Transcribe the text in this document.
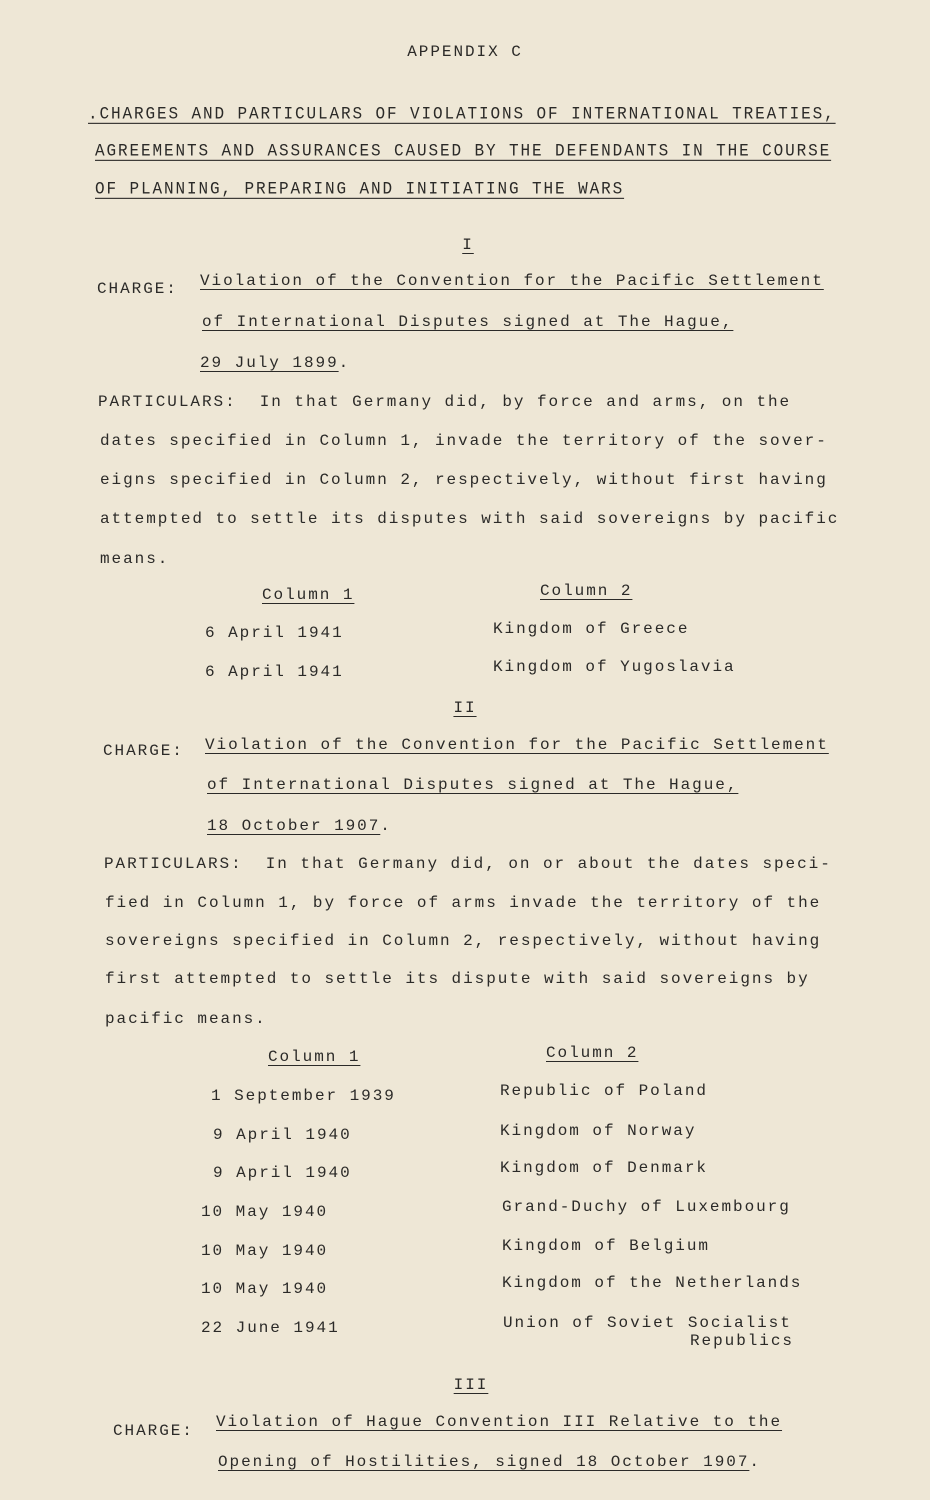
APPENDIX C
.CHARGES AND PARTICULARS OF VIOLATIONS OF INTERNATIONAL TREATIES,
AGREEMENTS AND ASSURANCES CAUSED BY THE DEFENDANTS IN THE COURSE
OF PLANNING, PREPARING AND INITIATING THE WARS
I
CHARGE: Violation of the Convention for the Pacific Settlement
of International Disputes signed at The Hague,
29 July 1899.
PARTICULARS: In that Germany did, by force and arms, on the
dates specified in Column 1, invade the territory of the sover-
eigns specified in Column 2, respectively, without first having
attempted to settle its disputes with said sovereigns by pacific
means.
Column 1	Column 2
6 April 1941	Kingdom of Greece
6 April 1941	Kingdom of Yugoslavia
II
CHARGE: Violation of the Convention for the Pacific Settlement
of International Disputes signed at The Hague,
18 October 1907.
PARTICULARS: In that Germany did, on or about the dates speci-
fied in Column 1, by force of arms invade the territory of the
sovereigns specified in Column 2, respectively, without having
first attempted to settle its dispute with said sovereigns by
pacific means.
Column 1	Column 2
1 September 1939	Republic of Poland
9 April 1940	Kingdom of Norway
9 April 1940	Kingdom of Denmark
10 May 1940	Grand-Duchy of Luxembourg
10 May 1940	Kingdom of Belgium
10 May 1940	Kingdom of the Netherlands
22 June 1941	Union of Soviet Socialist
Republics
III
CHARGE: Violation of Hague Convention III Relative to the
Opening of Hostilities, signed 18 October 1907.
